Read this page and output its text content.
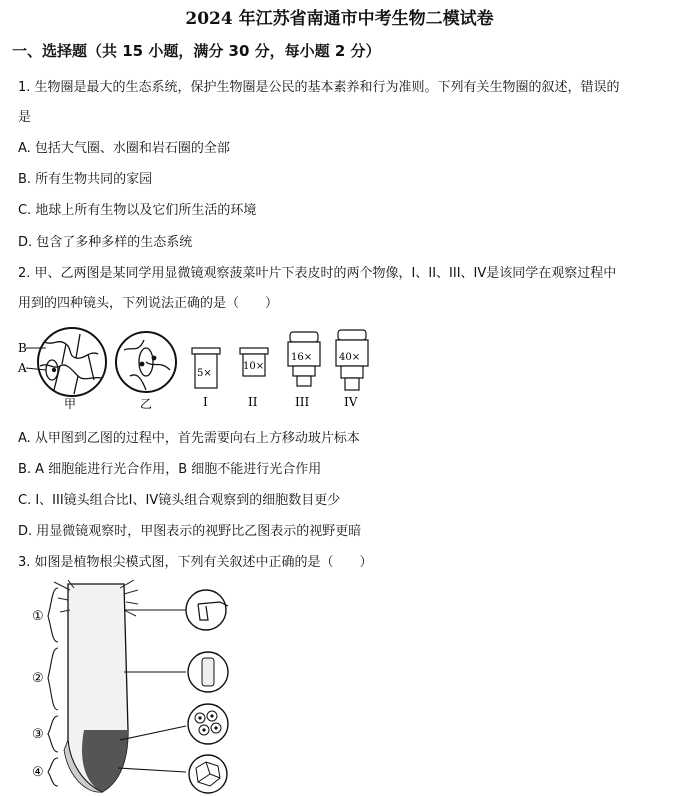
2024 年江苏省南通市中考生物二模试卷
一、选择题（共 15 小题，满分 30 分，每小题 2 分）
1. 生物圈是最大的生态系统，保护生物圈是公民的基本素养和行为准则。下列有关生物圈的叙述，错误的
是
A. 包括大气圈、水圈和岩石圈的全部
B. 所有生物共同的家园
C. 地球上所有生物以及它们所生活的环境
D. 包含了多种多样的生态系统
2. 甲、乙两图是某同学用显微镜观察菠菜叶片下表皮时的两个物像，I、II、III、IV是该同学在观察过程中
用到的四种镜头，下列说法正确的是（　　）
B
A
甲	乙
5×
I
10×
II
16×
III
40×
IV
A. 从甲图到乙图的过程中，首先需要向右上方移动玻片标本
B. A 细胞能进行光合作用，B 细胞不能进行光合作用
C. I、III镜头组合比I、IV镜头组合观察到的细胞数目更少
D. 用显微镜观察时，甲图表示的视野比乙图表示的视野更暗
3. 如图是植物根尖模式图，下列有关叙述中正确的是（　　）
①
②
③
④
